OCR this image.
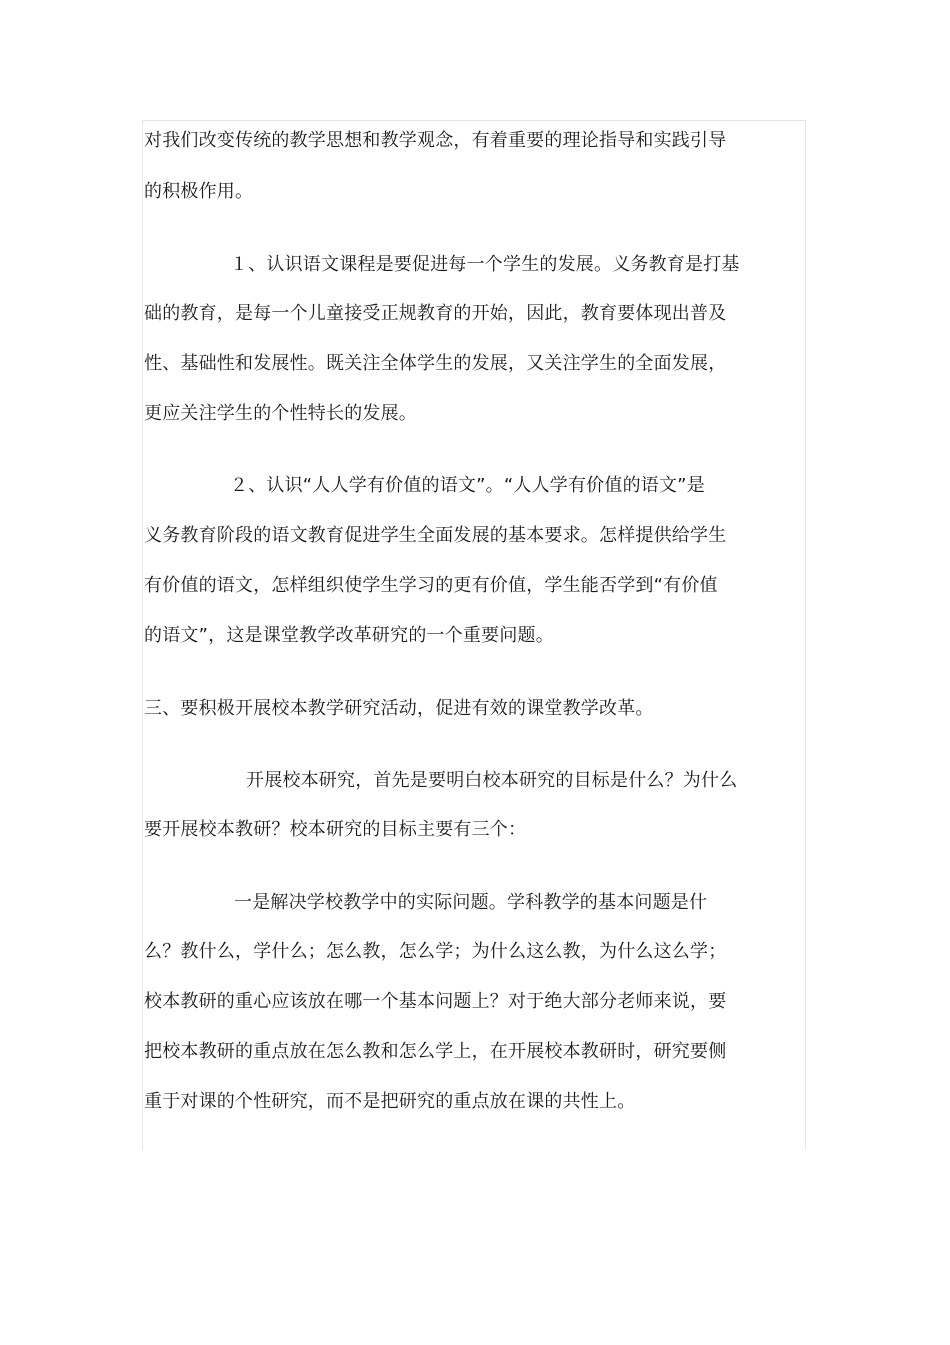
对我们改变传统的教学思想和教学观念，有着重要的理论指导和实践引导
的积极作用。
１、认识语文课程是要促进每一个学生的发展。义务教育是打基
础的教育，是每一个儿童接受正规教育的开始，因此，教育要体现出普及
性、基础性和发展性。既关注全体学生的发展，又关注学生的全面发展，
更应关注学生的个性特长的发展。
２、认识“人人学有价值的语文”。“人人学有价值的语文”是
义务教育阶段的语文教育促进学生全面发展的基本要求。怎样提供给学生
有价值的语文，怎样组织使学生学习的更有价值，学生能否学到“有价值
的语文”，这是课堂教学改革研究的一个重要问题。
三、要积极开展校本教学研究活动，促进有效的课堂教学改革。
开展校本研究，首先是要明白校本研究的目标是什么？为什么
要开展校本教研？校本研究的目标主要有三个：
一是解决学校教学中的实际问题。学科教学的基本问题是什
么？教什么，学什么；怎么教，怎么学；为什么这么教，为什么这么学；
校本教研的重心应该放在哪一个基本问题上？对于绝大部分老师来说，要
把校本教研的重点放在怎么教和怎么学上，在开展校本教研时，研究要侧
重于对课的个性研究，而不是把研究的重点放在课的共性上。
